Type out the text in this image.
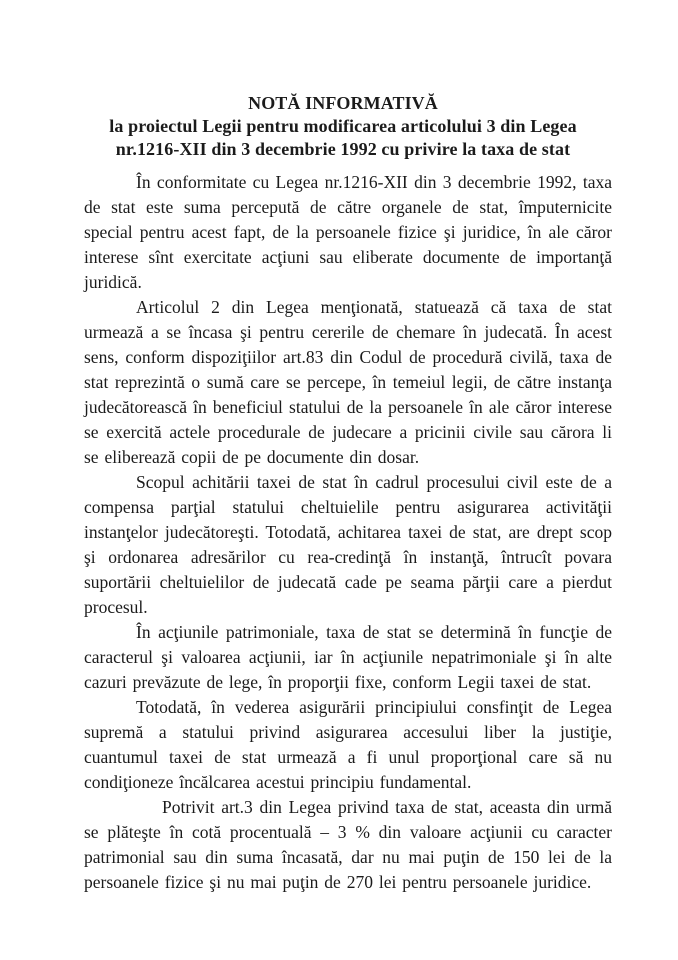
NOTĂ INFORMATIVĂ
la proiectul Legii pentru modificarea articolului 3 din Legea
nr.1216-XII din 3 decembrie 1992 cu privire la taxa de stat

În conformitate cu Legea nr.1216-XII din 3 decembrie 1992, taxa de stat este suma percepută de către organele de stat, împuternicite special pentru acest fapt, de la persoanele fizice şi juridice, în ale căror interese sînt exercitate acţiuni sau eliberate documente de importanţă juridică.

Articolul 2 din Legea menţionată, statuează că taxa de stat urmează a se încasa şi pentru cererile de chemare în judecată. În acest sens, conform dispoziţiilor art.83 din Codul de procedură civilă, taxa de stat reprezintă o sumă care se percepe, în temeiul legii, de către instanţa judecătorească în beneficiul statului de la persoanele în ale căror interese se exercită actele procedurale de judecare a pricinii civile sau cărora li se eliberează copii de pe documente din dosar.

Scopul achitării taxei de stat în cadrul procesului civil este de a compensa parţial statului cheltuielile pentru asigurarea activităţii instanţelor judecătoreşti. Totodată, achitarea taxei de stat, are drept scop şi ordonarea adresărilor cu rea-credinţă în instanţă, întrucît povara suportării cheltuielilor de judecată cade pe seama părţii care a pierdut procesul.

În acţiunile patrimoniale, taxa de stat se determină în funcţie de caracterul şi valoarea acţiunii, iar în acţiunile nepatrimoniale şi în alte cazuri prevăzute de lege, în proporţii fixe, conform Legii taxei de stat.

Totodată, în vederea asigurării principiului consfinţit de Legea supremă a statului privind asigurarea accesului liber la justiţie, cuantumul taxei de stat urmează a fi unul proporţional care să nu condiţioneze încălcarea acestui principiu fundamental.

Potrivit art.3 din Legea privind taxa de stat, aceasta din urmă se plăteşte în cotă procentuală – 3 % din valoare acţiunii cu caracter patrimonial sau din suma încasată, dar nu mai puţin de 150 lei de la persoanele fizice şi nu mai puţin de 270 lei pentru persoanele juridice.
